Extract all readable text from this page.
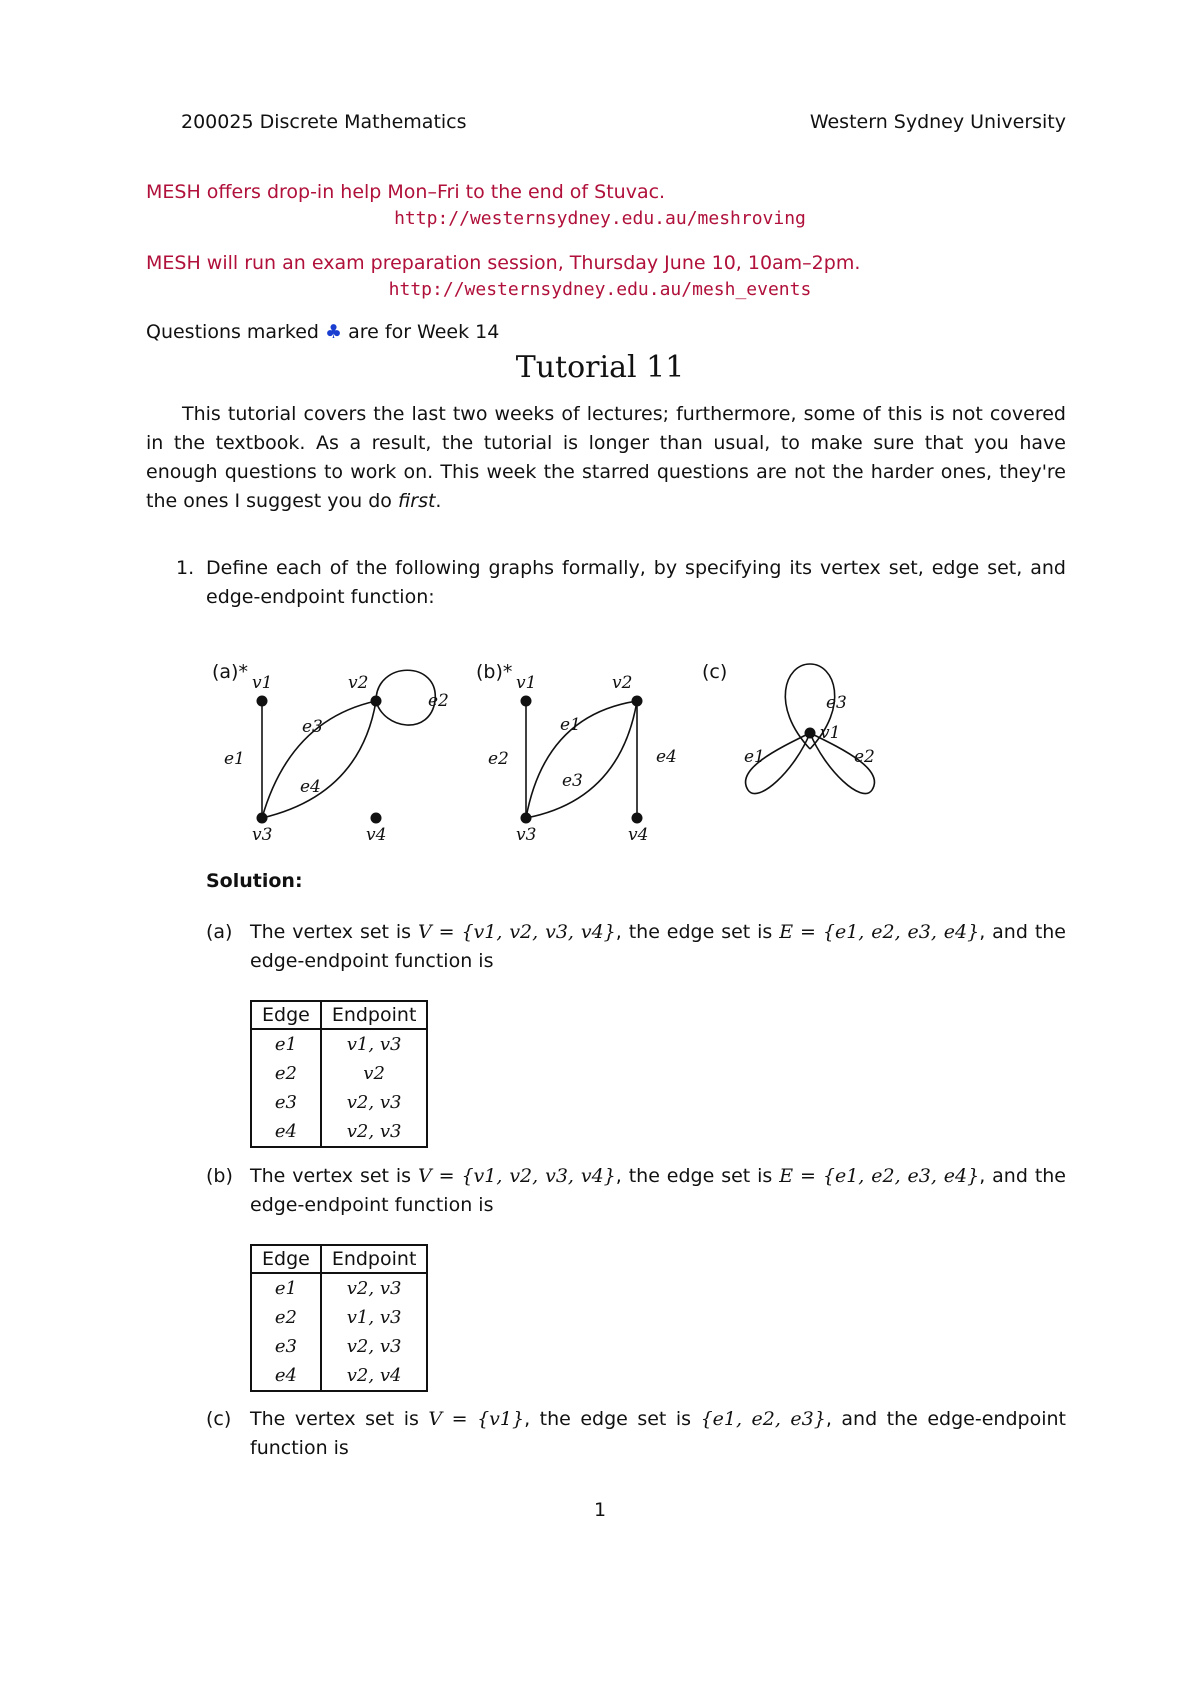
200025 Discrete Mathematics	Western Sydney University
MESH offers drop-in help Mon–Fri to the end of Stuvac.
http://westernsydney.edu.au/meshroving
MESH will run an exam preparation session, Thursday June 10, 10am–2pm.
http://westernsydney.edu.au/mesh_events
Questions marked ♣ are for Week 14
Tutorial 11
This tutorial covers the last two weeks of lectures; furthermore, some of this is not covered in the textbook. As a result, the tutorial is longer than usual, to make sure that you have enough questions to work on. This week the starred questions are not the harder ones, they're the ones I suggest you do first.
1. Define each of the following graphs formally, by specifying its vertex set, edge set, and edge-endpoint function:
(a)* v1	v2
v3	v4
e1
e2
e3
e4
(b)* v1	v2
v3	v4
e1
e2
e3
e4
(c)
v1
e1	e2
e3
Solution:
(a) The vertex set is V = {v1, v2, v3, v4}, the edge set is E = {e1, e2, e3, e4}, and the edge-endpoint function is
Edge	Endpoint
e1	v1, v3
e2	v2
e3	v2, v3
e4	v2, v3
(b) The vertex set is V = {v1, v2, v3, v4}, the edge set is E = {e1, e2, e3, e4}, and the edge-endpoint function is
Edge	Endpoint
e1	v2, v3
e2	v1, v3
e3	v2, v3
e4	v2, v4
(c) The vertex set is V = {v1}, the edge set is {e1, e2, e3}, and the edge-endpoint function is
1
